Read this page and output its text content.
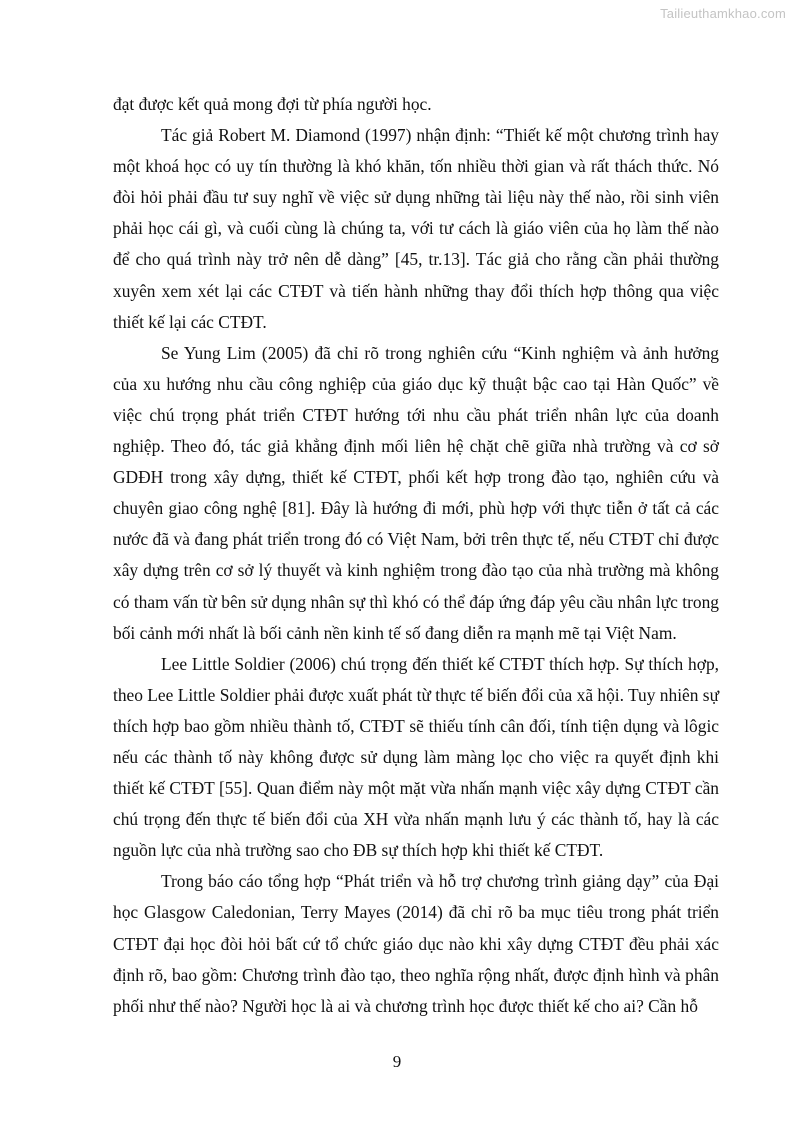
Tailieuthamkhao.com

đạt được kết quả mong đợi từ phía người học.

Tác giả Robert M. Diamond (1997) nhận định: “Thiết kế một chương trình hay một khoá học có uy tín thường là khó khăn, tốn nhiều thời gian và rất thách thức. Nó đòi hỏi phải đầu tư suy nghĩ về việc sử dụng những tài liệu này thế nào, rồi sinh viên phải học cái gì, và cuối cùng là chúng ta, với tư cách là giáo viên của họ làm thế nào để cho quá trình này trở nên dễ dàng” [45, tr.13]. Tác giả cho rằng cần phải thường xuyên xem xét lại các CTĐT và tiến hành những thay đổi thích hợp thông qua việc thiết kế lại các CTĐT.

Se Yung Lim (2005) đã chỉ rõ trong nghiên cứu “Kinh nghiệm và ảnh hưởng của xu hướng nhu cầu công nghiệp của giáo dục kỹ thuật bậc cao tại Hàn Quốc” về việc chú trọng phát triển CTĐT hướng tới nhu cầu phát triển nhân lực của doanh nghiệp. Theo đó, tác giả khẳng định mối liên hệ chặt chẽ giữa nhà trường và cơ sở GDĐH trong xây dựng, thiết kế CTĐT, phối kết hợp trong đào tạo, nghiên cứu và chuyên giao công nghệ [81]. Đây là hướng đi mới, phù hợp với thực tiễn ở tất cả các nước đã và đang phát triển trong đó có Việt Nam, bởi trên thực tế, nếu CTĐT chỉ được xây dựng trên cơ sở lý thuyết và kinh nghiệm trong đào tạo của nhà trường mà không có tham vấn từ bên sử dụng nhân sự thì khó có thể đáp ứng đáp yêu cầu nhân lực trong bối cảnh mới nhất là bối cảnh nền kinh tế số đang diễn ra mạnh mẽ tại Việt Nam.

Lee Little Soldier (2006) chú trọng đến thiết kế CTĐT thích hợp. Sự thích hợp, theo Lee Little Soldier phải được xuất phát từ thực tế biến đổi của xã hội. Tuy nhiên sự thích hợp bao gồm nhiều thành tố, CTĐT sẽ thiếu tính cân đối, tính tiện dụng và lôgic nếu các thành tố này không được sử dụng làm màng lọc cho việc ra quyết định khi thiết kế CTĐT [55]. Quan điểm này một mặt vừa nhấn mạnh việc xây dựng CTĐT cần chú trọng đến thực tế biến đổi của XH vừa nhấn mạnh lưu ý các thành tố, hay là các nguồn lực của nhà trường sao cho ĐB sự thích hợp khi thiết kế CTĐT.

Trong báo cáo tổng hợp “Phát triển và hỗ trợ chương trình giảng dạy” của Đại học Glasgow Caledonian, Terry Mayes (2014) đã chỉ rõ ba mục tiêu trong phát triển CTĐT đại học đòi hỏi bất cứ tổ chức giáo dục nào khi xây dựng CTĐT đều phải xác định rõ, bao gồm: Chương trình đào tạo, theo nghĩa rộng nhất, được định hình và phân phối như thế nào? Người học là ai và chương trình học được thiết kế cho ai? Cần hỗ

9
